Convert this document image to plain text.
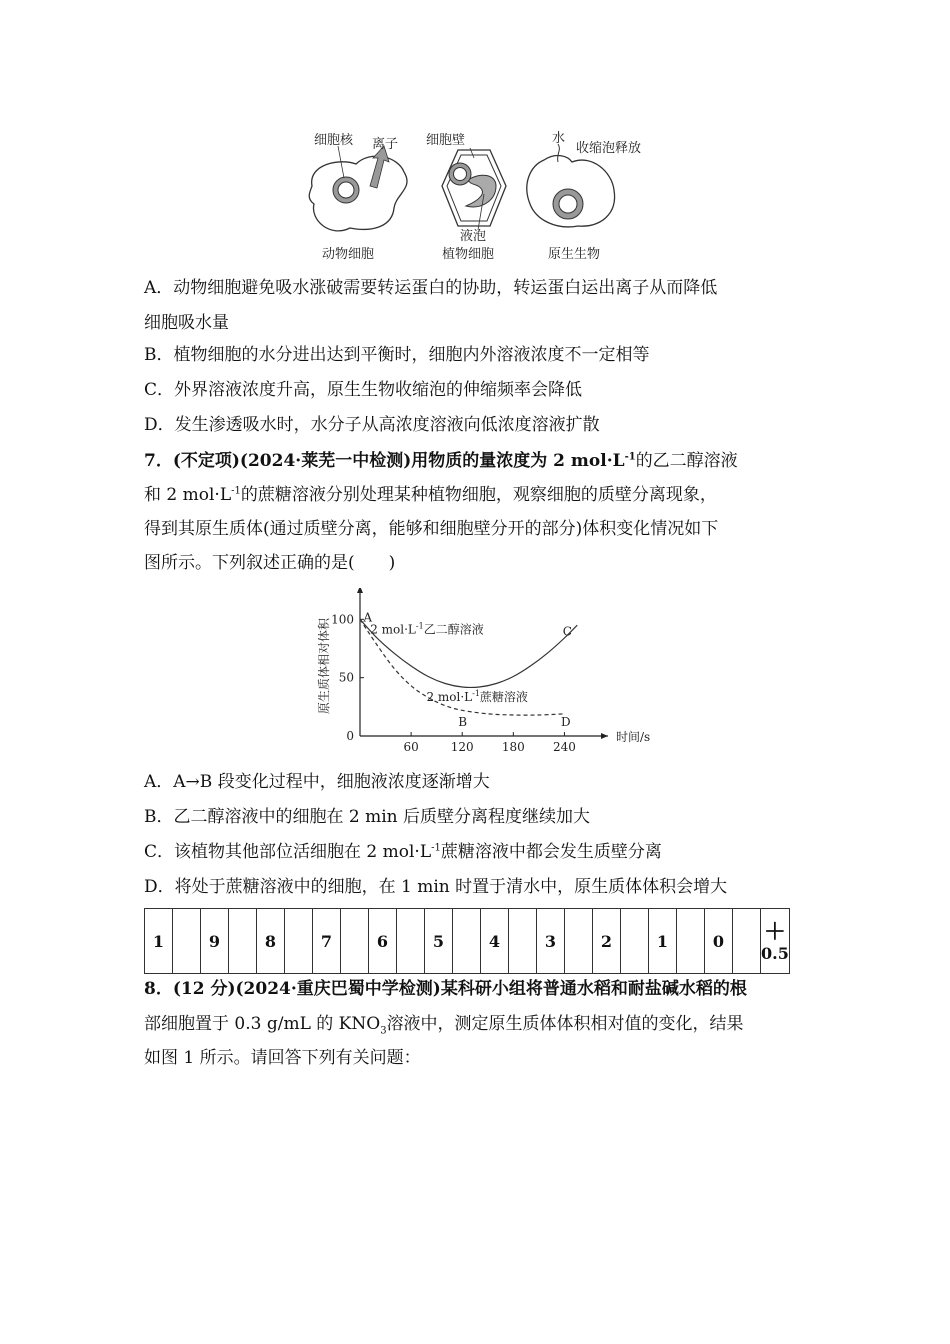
细胞核 离子
动物细胞
细胞壁
液泡
植物细胞
水
收缩泡释放
原生生物
A．动物细胞避免吸水涨破需要转运蛋白的协助，转运蛋白运出离子从而降低
细胞吸水量
B．植物细胞的水分进出达到平衡时，细胞内外溶液浓度不一定相等
C．外界溶液浓度升高，原生生物收缩泡的伸缩频率会降低
D．发生渗透吸水时，水分子从高浓度溶液向低浓度溶液扩散
7．(不定项)(2024·莱芜一中检测)用物质的量浓度为 2 $mol\cdot L^{-1}$的乙二醇溶液
和 2 $mol\cdot L^{-1}$的蔗糖溶液分别处理某种植物细胞，观察细胞的质壁分离现象，
得到其原生质体(通过质壁分离，能够和细胞壁分开的部分)体积变化情况如下
图所示。下列叙述正确的是(　　)
60	120 180 240
0
50
100
原生质体相对体积
时间/s
2 $mol\cdot L^{-1}$乙二醇溶液
2 $mol\cdot L^{-1}$蔗糖溶液
A
B
C
D
A．A→B 段变化过程中，细胞液浓度逐渐增大
B．乙二醇溶液中的细胞在 2 min 后质壁分离程度继续加大
C．该植物其他部位活细胞在 2 $mol\cdot L^{-1}$蔗糖溶液中都会发生质壁分离
D．将处于蔗糖溶液中的细胞，在 1 min 时置于清水中，原生质体体积会增大
1		9		8		7		6		5		4		3		2		1		0		＋
0.5
8．(12 分)(2024·重庆巴蜀中学检测)某科研小组将普通水稻和耐盐碱水稻的根
部细胞置于 0.3 g/mL 的 $KNO_3$溶液中，测定原生质体体积相对值的变化，结果
如图 1 所示。请回答下列有关问题：
